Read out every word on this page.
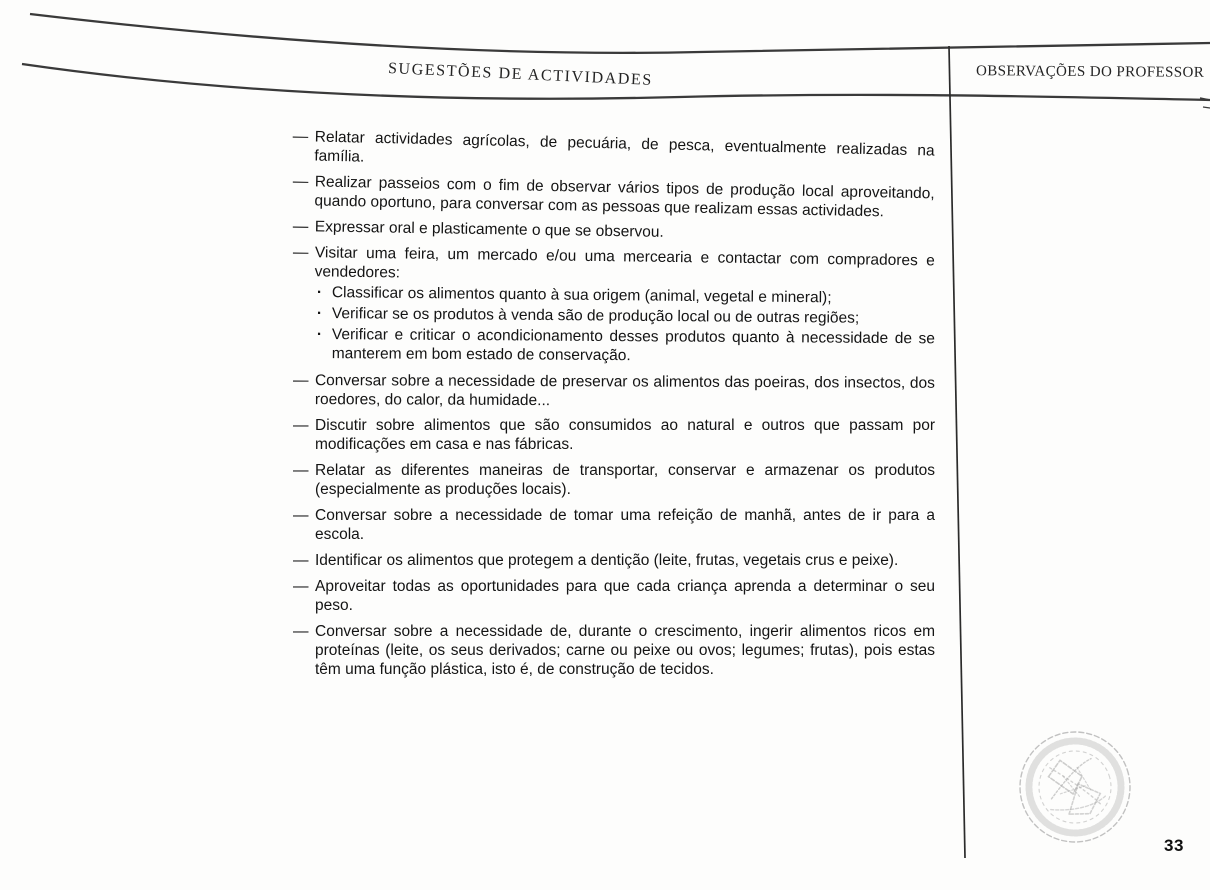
SUGESTÕES DE ACTIVIDADES	OBSERVAÇÕES DO PROFESSOR
— Relatar actividades agrícolas, de pecuária, de pesca, eventualmente realizadas na família.
— Realizar passeios com o fim de observar vários tipos de produção local aproveitando, quando oportuno, para conversar com as pessoas que realizam essas actividades.
— Expressar oral e plasticamente o que se observou.
— Visitar uma feira, um mercado e/ou uma mercearia e contactar com compradores e vendedores:
· Classificar os alimentos quanto à sua origem (animal, vegetal e mineral);
· Verificar se os produtos à venda são de produção local ou de outras regiões;
· Verificar e criticar o acondicionamento desses produtos quanto à necessidade de se manterem em bom estado de conservação.
— Conversar sobre a necessidade de preservar os alimentos das poeiras, dos insectos, dos roedores, do calor, da humidade...
— Discutir sobre alimentos que são consumidos ao natural e outros que passam por modificações em casa e nas fábricas.
— Relatar as diferentes maneiras de transportar, conservar e armazenar os produtos (especialmente as produções locais).
— Conversar sobre a necessidade de tomar uma refeição de manhã, antes de ir para a escola.
— Identificar os alimentos que protegem a dentição (leite, frutas, vegetais crus e peixe).
— Aproveitar todas as oportunidades para que cada criança aprenda a determinar o seu peso.
— Conversar sobre a necessidade de, durante o crescimento, ingerir alimentos ricos em proteínas (leite, os seus derivados; carne ou peixe ou ovos; legumes; frutas), pois estas têm uma função plástica, isto é, de construção de tecidos.
33
